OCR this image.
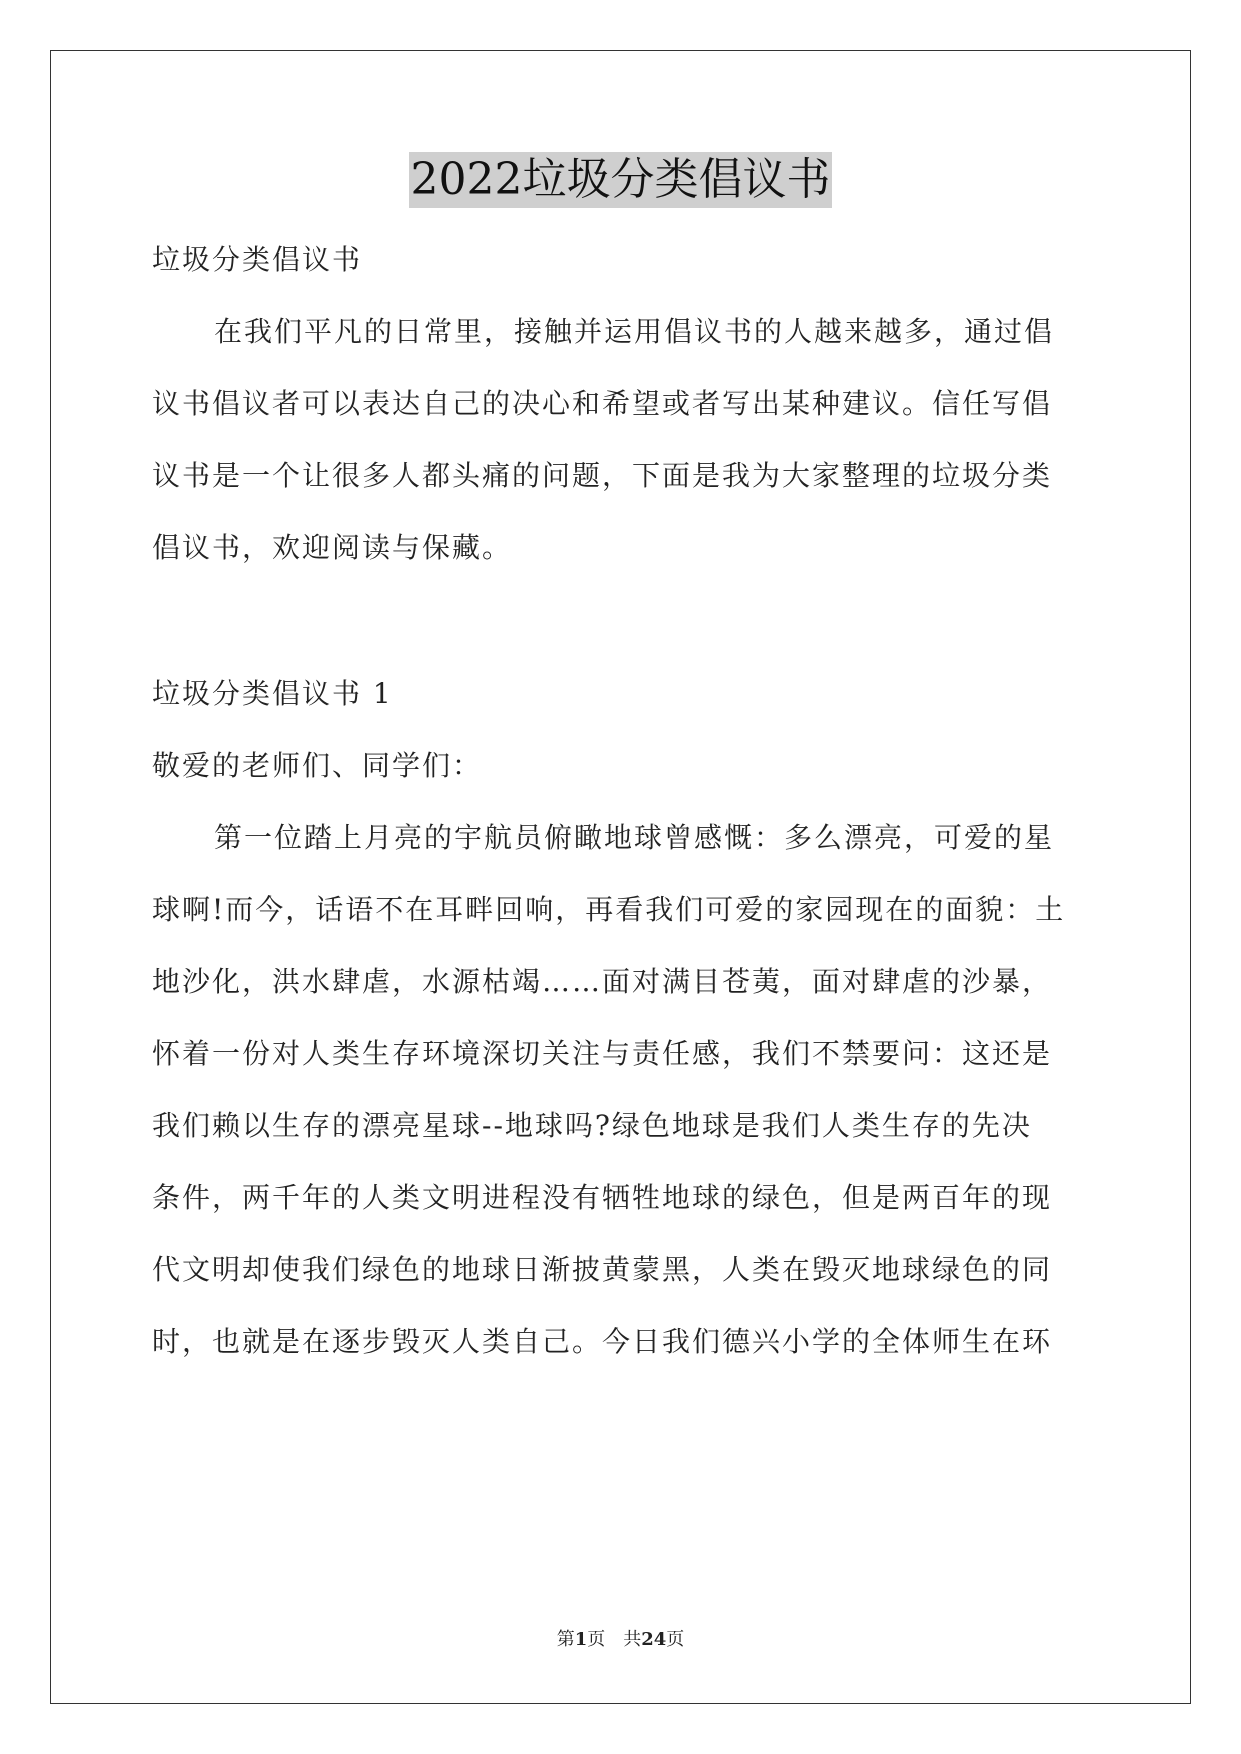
2022垃圾分类倡议书
垃圾分类倡议书
在我们平凡的日常里，接触并运用倡议书的人越来越多，通过倡
议书倡议者可以表达自己的决心和希望或者写出某种建议。信任写倡
议书是一个让很多人都头痛的问题，下面是我为大家整理的垃圾分类
倡议书，欢迎阅读与保藏。
垃圾分类倡议书 1
敬爱的老师们、同学们：
第一位踏上月亮的宇航员俯瞰地球曾感慨：多么漂亮，可爱的星
球啊!而今，话语不在耳畔回响，再看我们可爱的家园现在的面貌：土
地沙化，洪水肆虐，水源枯竭……面对满目苍荑，面对肆虐的沙暴，
怀着一份对人类生存环境深切关注与责任感，我们不禁要问：这还是
我们赖以生存的漂亮星球--地球吗?绿色地球是我们人类生存的先决
条件，两千年的人类文明进程没有牺牲地球的绿色，但是两百年的现
代文明却使我们绿色的地球日渐披黄蒙黑，人类在毁灭地球绿色的同
时，也就是在逐步毁灭人类自己。今日我们德兴小学的全体师生在环
第1页　共24页
